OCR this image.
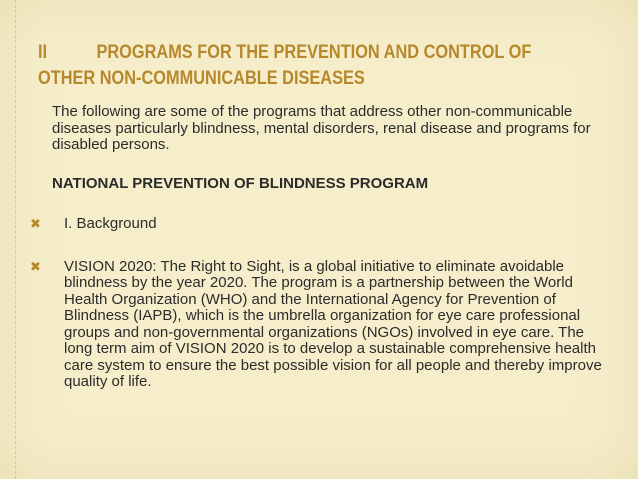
II	PROGRAMS FOR THE PREVENTION AND CONTROL OF
OTHER NON-COMMUNICABLE DISEASES

The following are some of the programs that address other non-communicable diseases particularly blindness, mental disorders, renal disease and programs for disabled persons.

NATIONAL PREVENTION OF BLINDNESS PROGRAM

✖ I. Background
✖ VISION 2020: The Right to Sight, is a global initiative to eliminate avoidable blindness by the year 2020. The program is a partnership between the World Health Organization (WHO) and the International Agency for Prevention of Blindness (IAPB), which is the umbrella organization for eye care professional groups and non-governmental organizations (NGOs) involved in eye care. The long term aim of VISION 2020 is to develop a sustainable comprehensive health care system to ensure the best possible vision for all people and thereby improve quality of life.
